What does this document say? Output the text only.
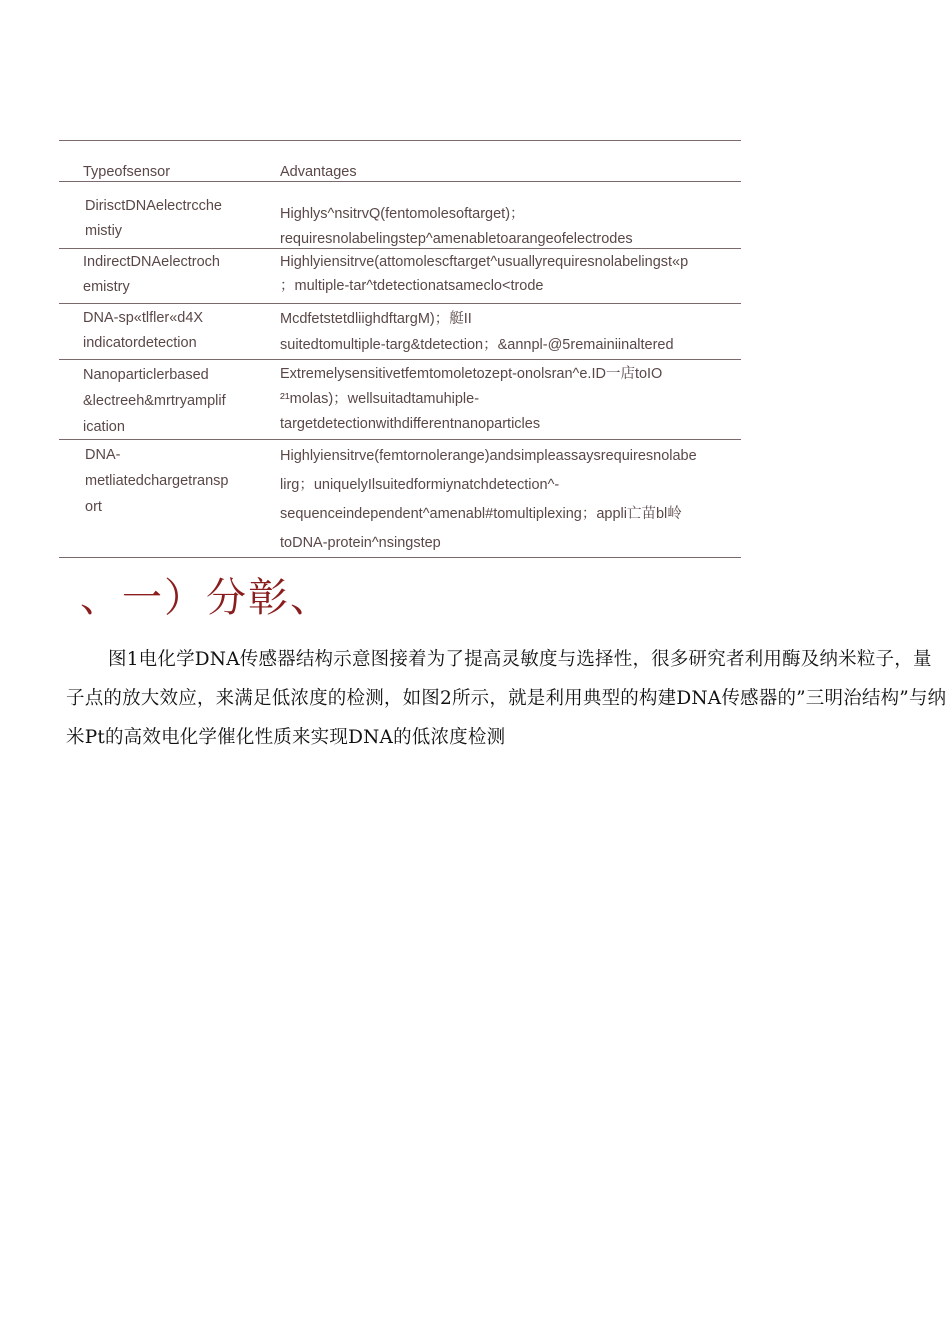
Typeofsensor	Advantages
DirisctDNAelectrcche
mistiy
Highlys^nsitrvQ(fentomolesoftarget)；
requiresnolabelingstep^amenabletoarangeofelectrodes
IndirectDNAelectroch
emistry
Highlyiensitrve(attomolescftarget^usuallyrequiresnolabelingst«p
；multiple-tar^tdetectionatsameclo<trode
DNA-sp«tlfler«d4X
indicatordetection
McdfetstetdliighdftargM)；艇II
suitedtomultiple-targ&tdetection；&annpl-@5remainiinaltered
Nanoparticlerbased
&lectreeh&mrtryamplif
ication
Extremelysensitivetfemtomoletozept-onolsran^e.ID一店toIO
²¹molas)；wellsuitadtamuhiple-
targetdetectionwithdifferentnanoparticles
DNA-
metliatedchargetransp
ort
Highlyiensitrve(femtornolerange)andsimpleassaysrequiresnolabe
lirg；uniquelyIlsuitedformiynatchdetection^-
sequenceindependent^amenabl#tomultiplexing；appli亡苗bl岭
toDNA-protein^nsingstep
、一）分彰、
图1电化学DNA传感器结构示意图接着为了提高灵敏度与选择性，很多研究者利用酶及纳米粒子，量子点的放大效应，来满足低浓度的检测，如图2所示，就是利用典型的构建DNA传感器的”三明治结构”与纳米Pt的高效电化学催化性质来实现DNA的低浓度检测
